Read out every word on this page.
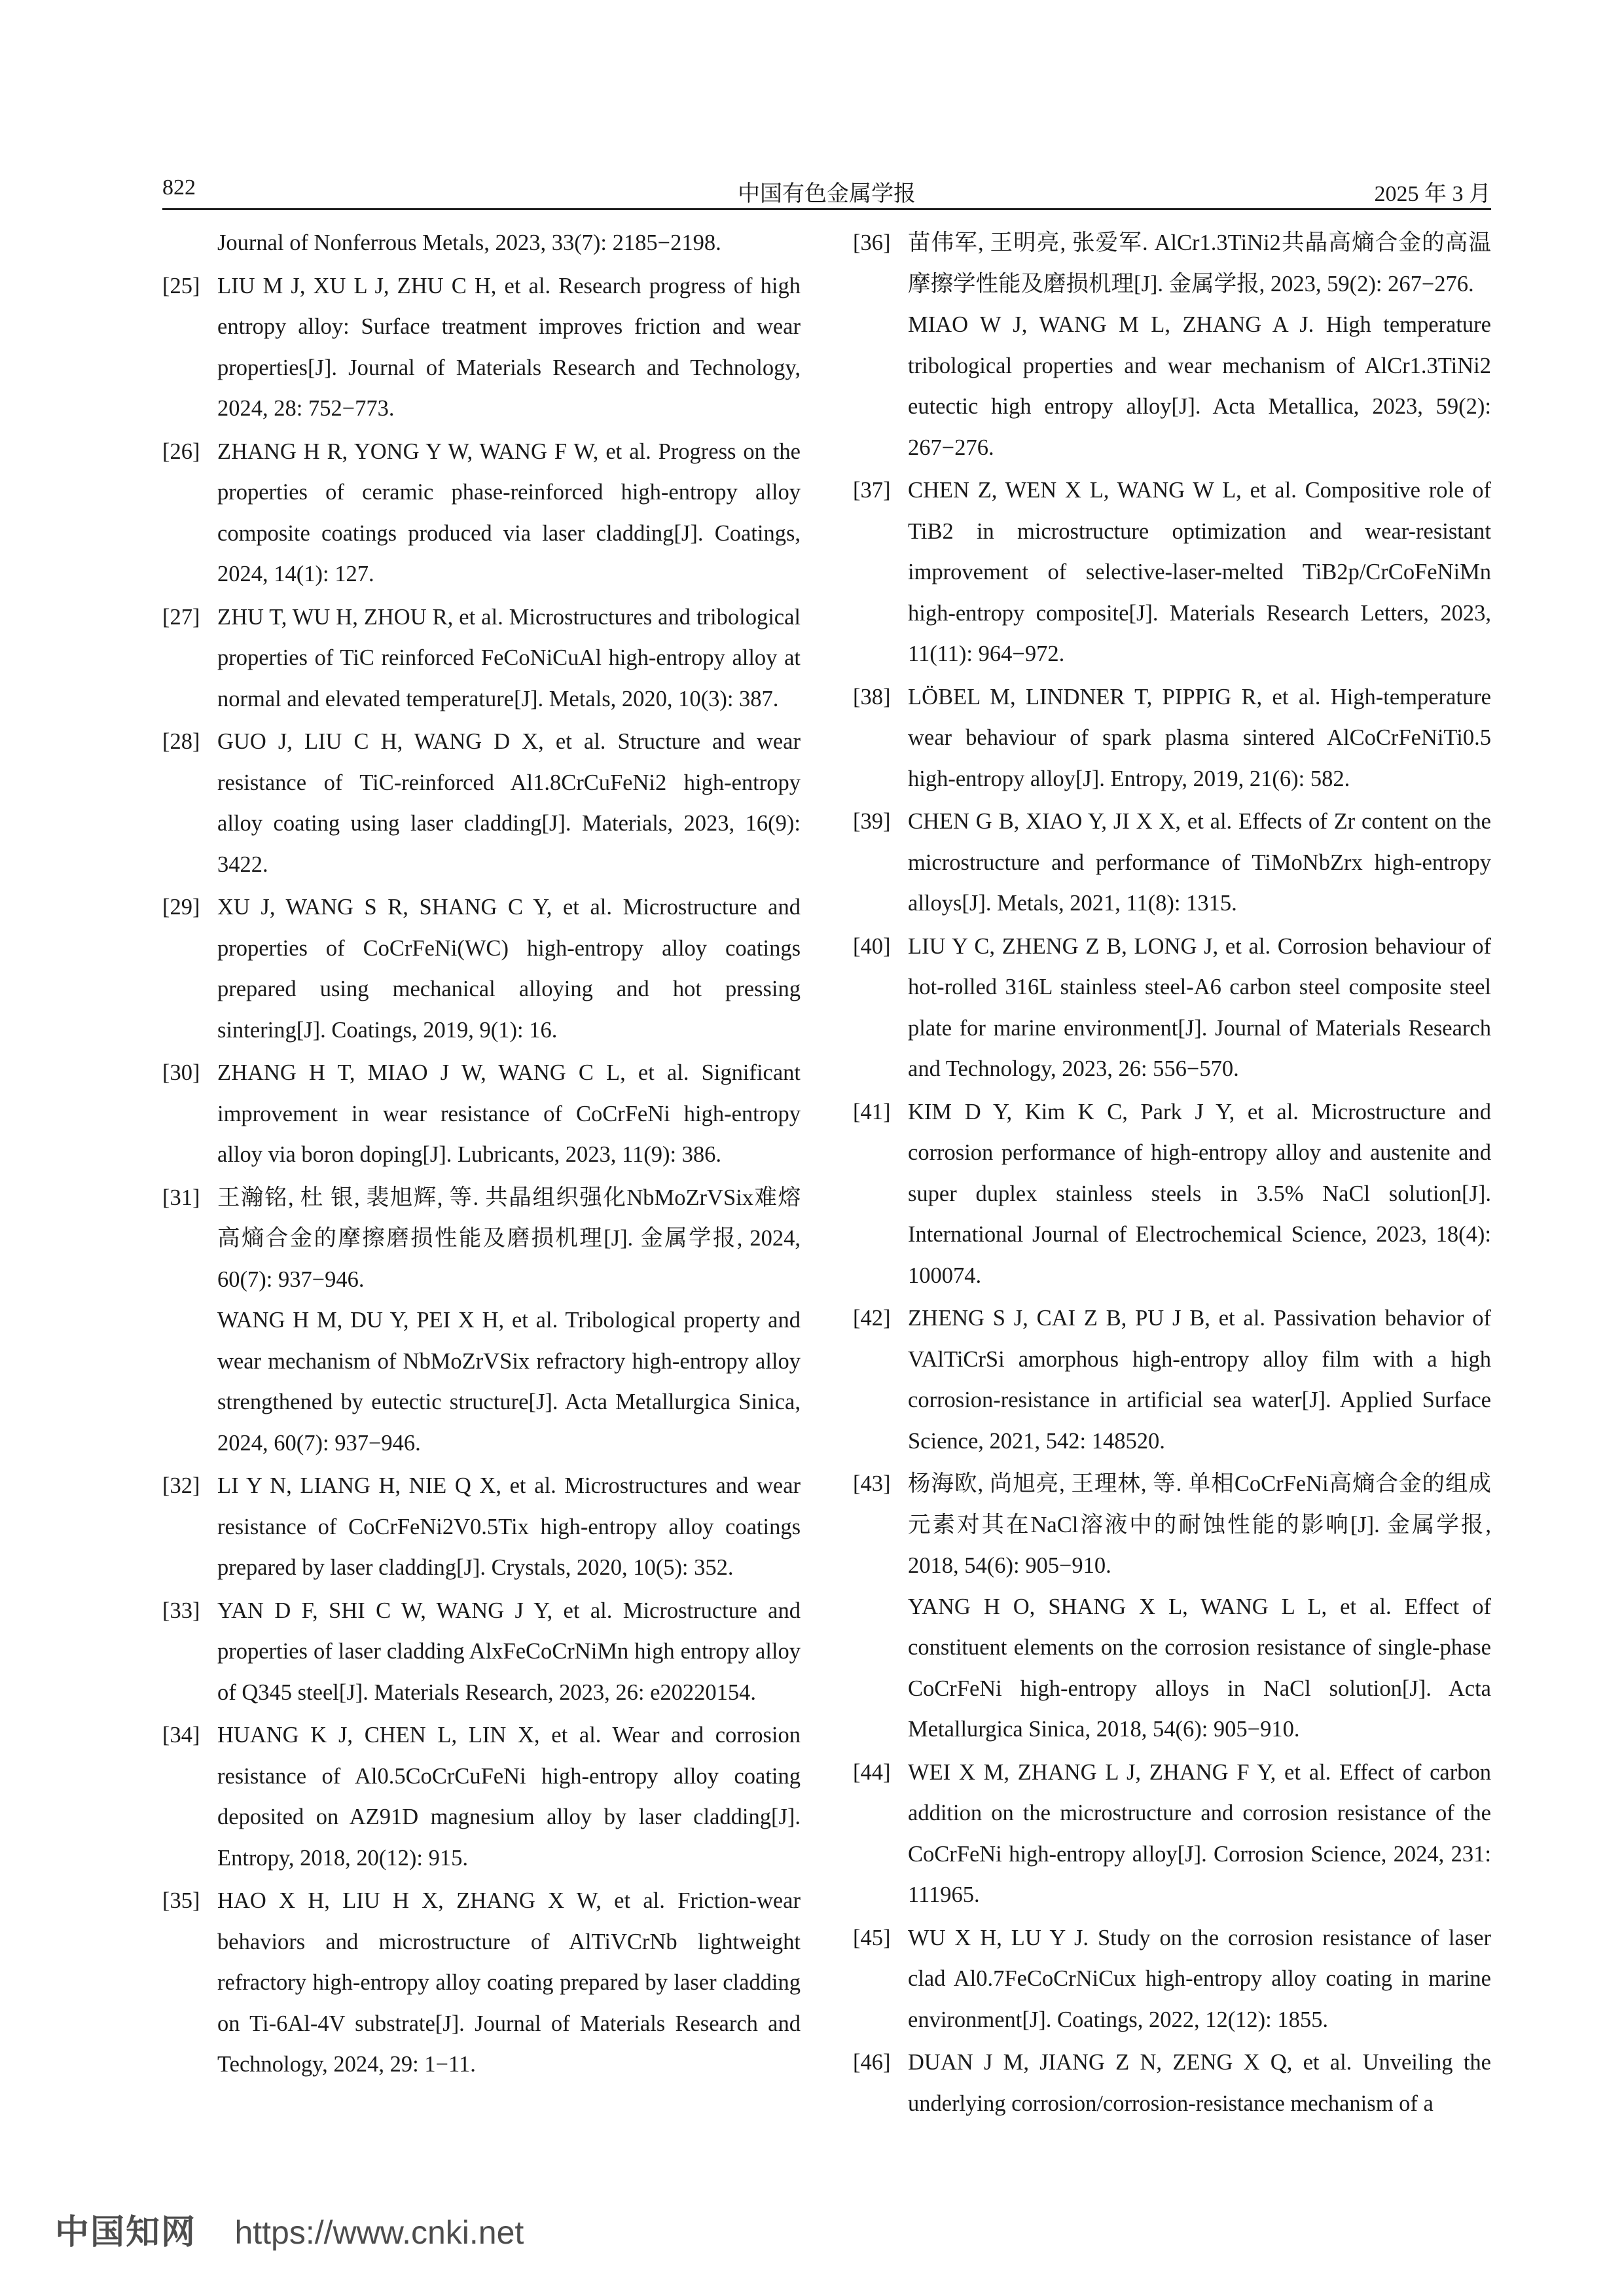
822	中国有色金属学报	2025 年 3 月

Journal of Nonferrous Metals, 2023, 33(7): 2185−2198.

[25] LIU M J, XU L J, ZHU C H, et al. Research progress of high entropy alloy: Surface treatment improves friction and wear properties[J]. Journal of Materials Research and Technology, 2024, 28: 752−773.

[26] ZHANG H R, YONG Y W, WANG F W, et al. Progress on the properties of ceramic phase-reinforced high-entropy alloy composite coatings produced via laser cladding[J]. Coatings, 2024, 14(1): 127.

[27] ZHU T, WU H, ZHOU R, et al. Microstructures and tribological properties of TiC reinforced FeCoNiCuAl high-entropy alloy at normal and elevated temperature[J]. Metals, 2020, 10(3): 387.

[28] GUO J, LIU C H, WANG D X, et al. Structure and wear resistance of TiC-reinforced Al1.8CrCuFeNi2 high-entropy alloy coating using laser cladding[J]. Materials, 2023, 16(9): 3422.

[29] XU J, WANG S R, SHANG C Y, et al. Microstructure and properties of CoCrFeNi(WC) high-entropy alloy coatings prepared using mechanical alloying and hot pressing sintering[J]. Coatings, 2019, 9(1): 16.

[30] ZHANG H T, MIAO J W, WANG C L, et al. Significant improvement in wear resistance of CoCrFeNi high-entropy alloy via boron doping[J]. Lubricants, 2023, 11(9): 386.

[31] 王瀚铭, 杜 银, 裴旭辉, 等. 共晶组织强化NbMoZrVSix难熔高熵合金的摩擦磨损性能及磨损机理[J]. 金属学报, 2024, 60(7): 937−946.

WANG H M, DU Y, PEI X H, et al. Tribological property and wear mechanism of NbMoZrVSix refractory high-entropy alloy strengthened by eutectic structure[J]. Acta Metallurgica Sinica, 2024, 60(7): 937−946.

[32] LI Y N, LIANG H, NIE Q X, et al. Microstructures and wear resistance of CoCrFeNi2V0.5Tix high-entropy alloy coatings prepared by laser cladding[J]. Crystals, 2020, 10(5): 352.

[33] YAN D F, SHI C W, WANG J Y, et al. Microstructure and properties of laser cladding AlxFeCoCrNiMn high entropy alloy of Q345 steel[J]. Materials Research, 2023, 26: e20220154.

[34] HUANG K J, CHEN L, LIN X, et al. Wear and corrosion resistance of Al0.5CoCrCuFeNi high-entropy alloy coating deposited on AZ91D magnesium alloy by laser cladding[J]. Entropy, 2018, 20(12): 915.

[35] HAO X H, LIU H X, ZHANG X W, et al. Friction-wear behaviors and microstructure of AlTiVCrNb lightweight refractory high-entropy alloy coating prepared by laser cladding on Ti-6Al-4V substrate[J]. Journal of Materials Research and Technology, 2024, 29: 1−11.

[36] 苗伟军, 王明亮, 张爱军. AlCr1.3TiNi2共晶高熵合金的高温摩擦学性能及磨损机理[J]. 金属学报, 2023, 59(2): 267−276.

MIAO W J, WANG M L, ZHANG A J. High temperature tribological properties and wear mechanism of AlCr1.3TiNi2 eutectic high entropy alloy[J]. Acta Metallica, 2023, 59(2): 267−276.

[37] CHEN Z, WEN X L, WANG W L, et al. Compositive role of TiB2 in microstructure optimization and wear-resistant improvement of selective-laser-melted TiB2p/CrCoFeNiMn high-entropy composite[J]. Materials Research Letters, 2023, 11(11): 964−972.

[38] LÖBEL M, LINDNER T, PIPPIG R, et al. High-temperature wear behaviour of spark plasma sintered AlCoCrFeNiTi0.5 high-entropy alloy[J]. Entropy, 2019, 21(6): 582.

[39] CHEN G B, XIAO Y, JI X X, et al. Effects of Zr content on the microstructure and performance of TiMoNbZrx high-entropy alloys[J]. Metals, 2021, 11(8): 1315.

[40] LIU Y C, ZHENG Z B, LONG J, et al. Corrosion behaviour of hot-rolled 316L stainless steel-A6 carbon steel composite steel plate for marine environment[J]. Journal of Materials Research and Technology, 2023, 26: 556−570.

[41] KIM D Y, Kim K C, Park J Y, et al. Microstructure and corrosion performance of high-entropy alloy and austenite and super duplex stainless steels in 3.5% NaCl solution[J]. International Journal of Electrochemical Science, 2023, 18(4): 100074.

[42] ZHENG S J, CAI Z B, PU J B, et al. Passivation behavior of VAlTiCrSi amorphous high-entropy alloy film with a high corrosion-resistance in artificial sea water[J]. Applied Surface Science, 2021, 542: 148520.

[43] 杨海欧, 尚旭亮, 王理林, 等. 单相CoCrFeNi高熵合金的组成元素对其在NaCl溶液中的耐蚀性能的影响[J]. 金属学报, 2018, 54(6): 905−910.

YANG H O, SHANG X L, WANG L L, et al. Effect of constituent elements on the corrosion resistance of single-phase CoCrFeNi high-entropy alloys in NaCl solution[J]. Acta Metallurgica Sinica, 2018, 54(6): 905−910.

[44] WEI X M, ZHANG L J, ZHANG F Y, et al. Effect of carbon addition on the microstructure and corrosion resistance of the CoCrFeNi high-entropy alloy[J]. Corrosion Science, 2024, 231: 111965.

[45] WU X H, LU Y J. Study on the corrosion resistance of laser clad Al0.7FeCoCrNiCux high-entropy alloy coating in marine environment[J]. Coatings, 2022, 12(12): 1855.

[46] DUAN J M, JIANG Z N, ZENG X Q, et al. Unveiling the underlying corrosion/corrosion-resistance mechanism of a

中国知网 https://www.cnki.net
